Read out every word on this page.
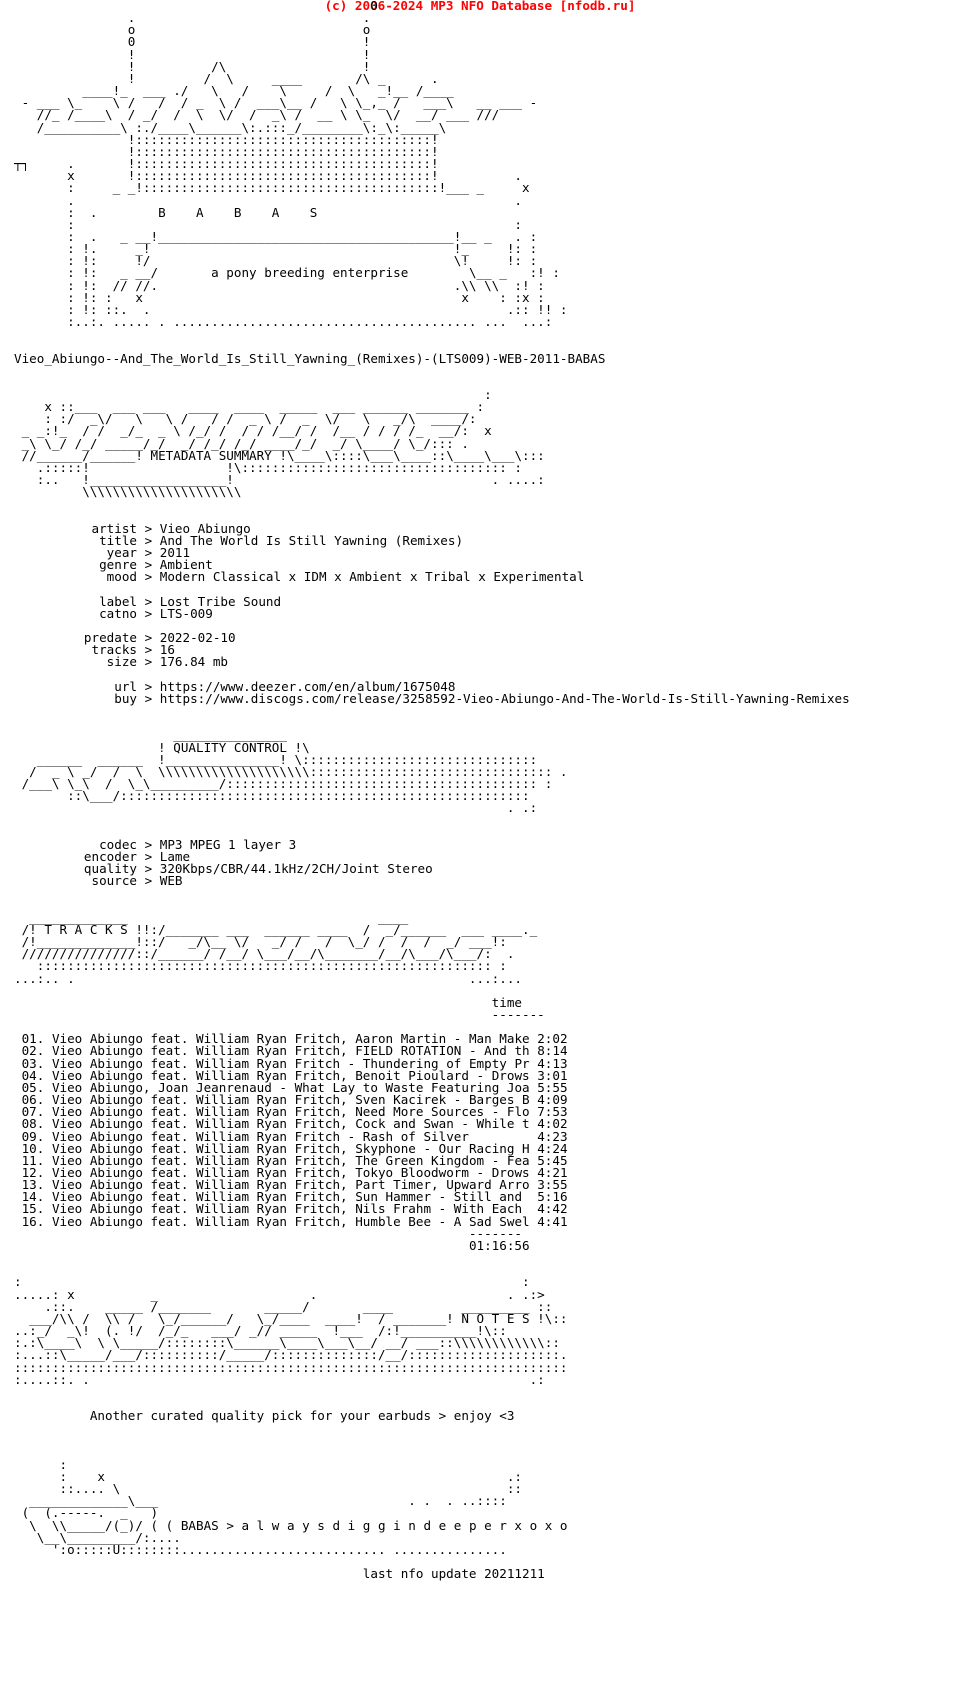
(c) 2006-2024 MP3 NFO Database [nfodb.ru]
0
.                              .
o                              o
0                              !
!                              !
!          /\                  !
!         /  \     ____       /\ _      .
____!_  ___ ./   \   /    \     /  \   _!__ /____
- ___ \_    \ /   /  / _  \ /  ___\__ /   \ \_,_ /   ___\   __ ___ -
//_ /____\  / _/  /  \  \/  /  _\ /  __ \ \_  \/  __/ ___ ///
/__________\ :./____\______\:.:::_/________\:_\:_____\
!:::::::::::::::::::::::::::::::::::::::!
!:::::::::::::::::::::::::::::::::::::::!
┬┐     .       !:::::::::::::::::::::::::::::::::::::::!
x       !:::::::::::::::::::::::::::::::::::::::!          .
:     _ _!:::::::::::::::::::::::::::::::::::::::!___ _     x
.                                                          .
:  .	B    A    B    A    S
:                                                          :
:  .   _ __!_______________________________________!__ _   . :
: !.     _!                                        !_     !: :
: !:     !/                                        \!     !: :
: !:   _ __/	a pony breeding enterprise	\__ _   :! :
: !:  // //.                                       .\\ \\  :! :
: !: :   x                                          x    : :x :
: !: ::.  .                                               .:: !! :
:..:. ..... . ........................................ ...  ...:

Vieo_Abiungo--And_The_World_Is_Still_Yawning_(Remixes)-(LTS009)-WEB-2011-BABAS

:
x ::___  ___ ___   ____  ____  _____  ___ ______ _______ :
: :/  _\/   \   \ /   / /  _ \ /  _  \/   \   _/\  ____/:
_ _:!_  / /  _/_  _ \ /_/ /  / / /__/ /  /__ / / / /_  __/:  x
_\ \_/ /_/ _____/_/  _/ /_/ /_/ ____/_/  _/ \____/ \_/::: .
//______/______! METADATA SUMMARY !\____\::::\___\____::\____\___\:::
.:::::!                  !\::::::::::::::::::::::::::::::::::: :
:..   !__________________!                                  . ....:
\\\\\\\\\\\\\\\\\\\\\

artist > Vieo Abiungo
title > And The World Is Still Yawning (Remixes)
year > 2011
genre > Ambient
mood > Modern Classical x IDM x Ambient x Tribal x Experimental

label > Lost Tribe Sound
catno > LTS-009

predate > 2022-02-10
tracks > 16
size > 176.84 mb

url > https://www.deezer.com/en/album/1675048
buy > https://www.discogs.com/release/3258592-Vieo-Abiungo-And-The-World-Is-Still-Yawning-Remixes

_______________
! QUALITY CONTROL !\
______  ______  !_______________! \:::::::::::::::::::::::::::::::
/  _ \ _/  /  \  \\\\\\\\\\\\\\\\\\\\:::::::::::::::::::::::::::::::: .
/___\ \_\  /  \_\_________/::::::::::::::::::::::::::::::::::::::::: :
::\___/::::::::::::::::::::::::::::::::::::::::::::::::::::::
. .:

codec > MP3 MPEG 1 layer 3
encoder > Lame
quality > 320Kbps/CBR/44.1kHz/2CH/Joint Stereo
source > WEB

_____________                                 ____
/! T R A C K S !!:/_______ ___  ______ ____  /  _/______  ___ ____._
/!_____________!::/   _/\__ \/   _/ /   /  \_/ /  /  /  _/ ___!:
///////////////::/______/ /__/ \___/__/\_______/__/\___/\___/:  .
:::::::::::::::::::::::::::::::::::::::::::::::::::::::::::: :
...:.. .                                                    ...:...

time
-------

01. Vieo Abiungo feat. William Ryan Fritch, Aaron Martin - Man Make 2:02
02. Vieo Abiungo feat. William Ryan Fritch, FIELD ROTATION - And th 8:14
03. Vieo Abiungo feat. William Ryan Fritch - Thundering of Empty Pr 4:13
04. Vieo Abiungo feat. William Ryan Fritch, Benoit Pioulard - Drows 3:01
05. Vieo Abiungo, Joan Jeanrenaud - What Lay to Waste Featuring Joa 5:55
06. Vieo Abiungo feat. William Ryan Fritch, Sven Kacirek - Barges B 4:09
07. Vieo Abiungo feat. William Ryan Fritch, Need More Sources - Flo 7:53
08. Vieo Abiungo feat. William Ryan Fritch, Cock and Swan - While t 4:02
09. Vieo Abiungo feat. William Ryan Fritch - Rash of Silver         4:23
10. Vieo Abiungo feat. William Ryan Fritch, Skyphone - Our Racing H 4:24
11. Vieo Abiungo feat. William Ryan Fritch, The Green Kingdom - Fea 5:45
12. Vieo Abiungo feat. William Ryan Fritch, Tokyo Bloodworm - Drows 4:21
13. Vieo Abiungo feat. William Ryan Fritch, Part Timer, Upward Arro 3:55
14. Vieo Abiungo feat. William Ryan Fritch, Sun Hammer - Still and  5:16
15. Vieo Abiungo feat. William Ryan Fritch, Nils Frahm - With Each  4:42
16. Vieo Abiungo feat. William Ryan Fritch, Humble Bee - A Sad Swel 4:41
-------
01:16:56

:                                                                  :
.....: x          _                    .                         . .:>
.::.    _____ /_______       _____/       ____         _________ ::
___/\\ /  \\ /   \_/______/   \_/____  ____!  / _______! N O T E S !\::
..:_/  _\!  (. !/  /_/_   ___/ _// _____  !___  /:!__________!\::
:.:\____\  \ \_____/::::::::\______\____\___\__/ __/ ___::\\\\\\\\\\\\::
:...::\_____/___/::::::::::/_____/::::::::::::::/__/::::::::::::::::::::.
:::::::::::::::::::::::::::::::::::::::::::::::::::::::::::::::::::::::::
:....::. .                                                          .:

Another curated quality pick for your earbuds > enjoy <3

:
:    x                                                     .:
::.... \                                                   ::
_____________\___                                 . .  . ..::::
(  (.-----.  _   )
\  \\_____/(_)/ ( ( BABAS > a l w a y s d i g g i n d e e p e r x o x o
\__\_________/:....
':o:::::U::::::::........................... ...............

last nfo update 20211211
